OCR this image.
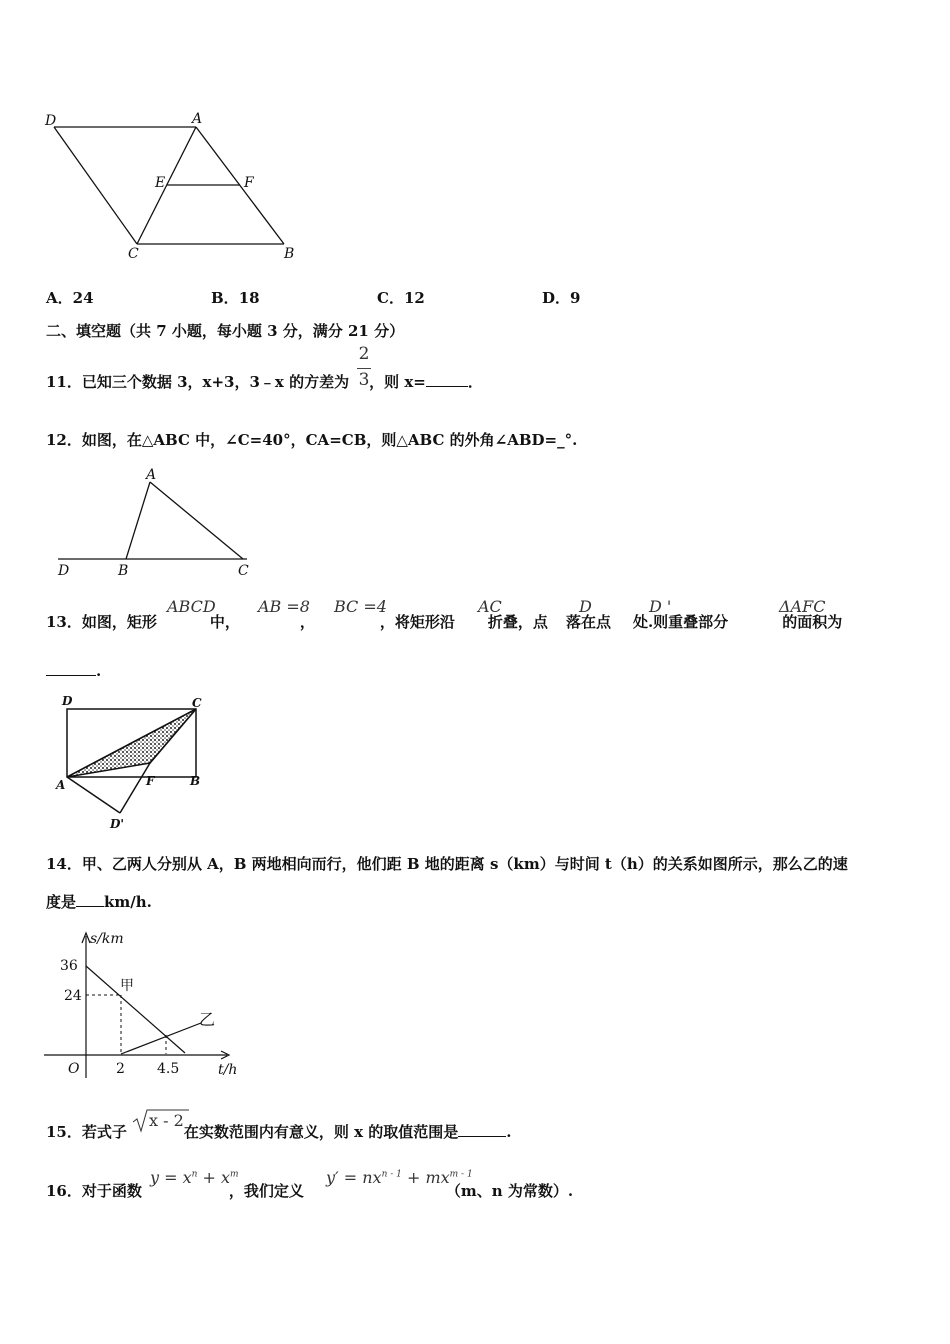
D	A
E	F
C	B
A．24	B．18	C．12	D．9
二、填空题（共 7 小题，每小题 3 分，满分 21 分）
11．已知三个数据 3，x+3，3﹣x 的方差为 ，则 x=	．
2
3
12．如图，在△ABC 中，∠C=40°，CA=CB，则△ABC 的外角∠ABD=_°.
A
D	B	C
13．如图，矩形	中，	，	，将矩形沿 折叠，点 落在点 处.则重叠部分	的面积为
ABCD	AB =8 BC =4	AC	D	D '	ΔAFC
.
D	C
A	F	B
D'
14．甲、乙两人分别从 A，B 两地相向而行，他们距 B 地的距离 s（km）与时间 t（h）的关系如图所示，那么乙的速
度是 km/h.
s/km
36
24
O	2 4.5	t/h
甲
乙
15．若式子	在实数范围内有意义，则 x 的取值范围是	.
x - 2
16．对于函数	，我们定义	（m、n 为常数）.
$y = x^n + x^m$	$y' = nx^{n - 1} + mx^{m - 1}$
